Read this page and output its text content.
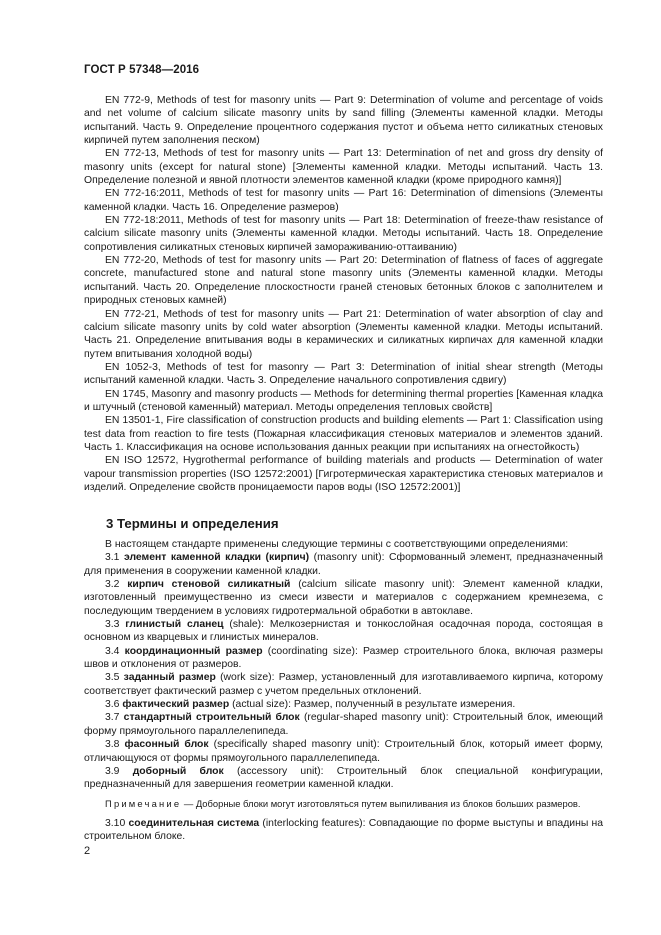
ГОСТ Р 57348—2016

EN 772-9, Methods of test for masonry units — Part 9: Determination of volume and percentage of voids and net volume of calcium silicate masonry units by sand filling (Элементы каменной кладки. Методы испытаний. Часть 9. Определение процентного содержания пустот и объема нетто силикатных стеновых кирпичей путем заполнения песком)

EN 772-13, Methods of test for masonry units — Part 13: Determination of net and gross dry density of masonry units (except for natural stone) [Элементы каменной кладки. Методы испытаний. Часть 13. Определение полезной и явной плотности элементов каменной кладки (кроме природного камня)]

EN 772-16:2011, Methods of test for masonry units — Part 16: Determination of dimensions (Элементы каменной кладки. Часть 16. Определение размеров)

EN 772-18:2011, Methods of test for masonry units — Part 18: Determination of freeze-thaw resistance of calcium silicate masonry units (Элементы каменной кладки. Методы испытаний. Часть 18. Определение сопротивления силикатных стеновых кирпичей замораживанию-оттаиванию)

EN 772-20, Methods of test for masonry units — Part 20: Determination of flatness of faces of aggregate concrete, manufactured stone and natural stone masonry units (Элементы каменной кладки. Методы испытаний. Часть 20. Определение плоскостности граней стеновых бетонных блоков с заполнителем и природных стеновых камней)

EN 772-21, Methods of test for masonry units — Part 21: Determination of water absorption of clay and calcium silicate masonry units by cold water absorption (Элементы каменной кладки. Методы испытаний. Часть 21. Определение впитывания воды в керамических и силикатных кирпичах для каменной кладки путем впитывания холодной воды)

EN 1052-3, Methods of test for masonry — Part 3: Determination of initial shear strength (Методы испытаний каменной кладки. Часть 3. Определение начального сопротивления сдвигу)

EN 1745, Masonry and masonry products — Methods for determining thermal properties [Каменная кладка и штучный (стеновой каменный) материал. Методы определения тепловых свойств]

EN 13501-1, Fire classification of construction products and building elements — Part 1: Classification using test data from reaction to fire tests (Пожарная классификация стеновых материалов и элементов зданий. Часть 1. Классификация на основе использования данных реакции при испытаниях на огнестойкость)

EN ISO 12572, Hygrothermal performance of building materials and products — Determination of water vapour transmission properties (ISO 12572:2001) [Гигротермическая характеристика стеновых материалов и изделий. Определение свойств проницаемости паров воды (ISO 12572:2001)]

3 Термины и определения

В настоящем стандарте применены следующие термины с соответствующими определениями:

3.1 элемент каменной кладки (кирпич) (masonry unit): Сформованный элемент, предназначенный для применения в сооружении каменной кладки.

3.2 кирпич стеновой силикатный (calcium silicate masonry unit): Элемент каменной кладки, изготовленный преимущественно из смеси извести и материалов с содержанием кремнезема, с последующим твердением в условиях гидротермальной обработки в автоклаве.

3.3 глинистый сланец (shale): Мелкозернистая и тонкослойная осадочная порода, состоящая в основном из кварцевых и глинистых минералов.

3.4 координационный размер (coordinating size): Размер строительного блока, включая размеры швов и отклонения от размеров.

3.5 заданный размер (work size): Размер, установленный для изготавливаемого кирпича, которому соответствует фактический размер с учетом предельных отклонений.

3.6 фактический размер (actual size): Размер, полученный в результате измерения.

3.7 стандартный строительный блок (regular-shaped masonry unit): Строительный блок, имеющий форму прямоугольного параллелепипеда.

3.8 фасонный блок (specifically shaped masonry unit): Строительный блок, который имеет форму, отличающуюся от формы прямоугольного параллелепипеда.

3.9 доборный блок (accessory unit): Строительный блок специальной конфигурации, предназначенный для завершения геометрии каменной кладки.

Примечание — Доборные блоки могут изготовляться путем выпиливания из блоков больших размеров.

3.10 соединительная система (interlocking features): Совпадающие по форме выступы и впадины на строительном блоке.

2
